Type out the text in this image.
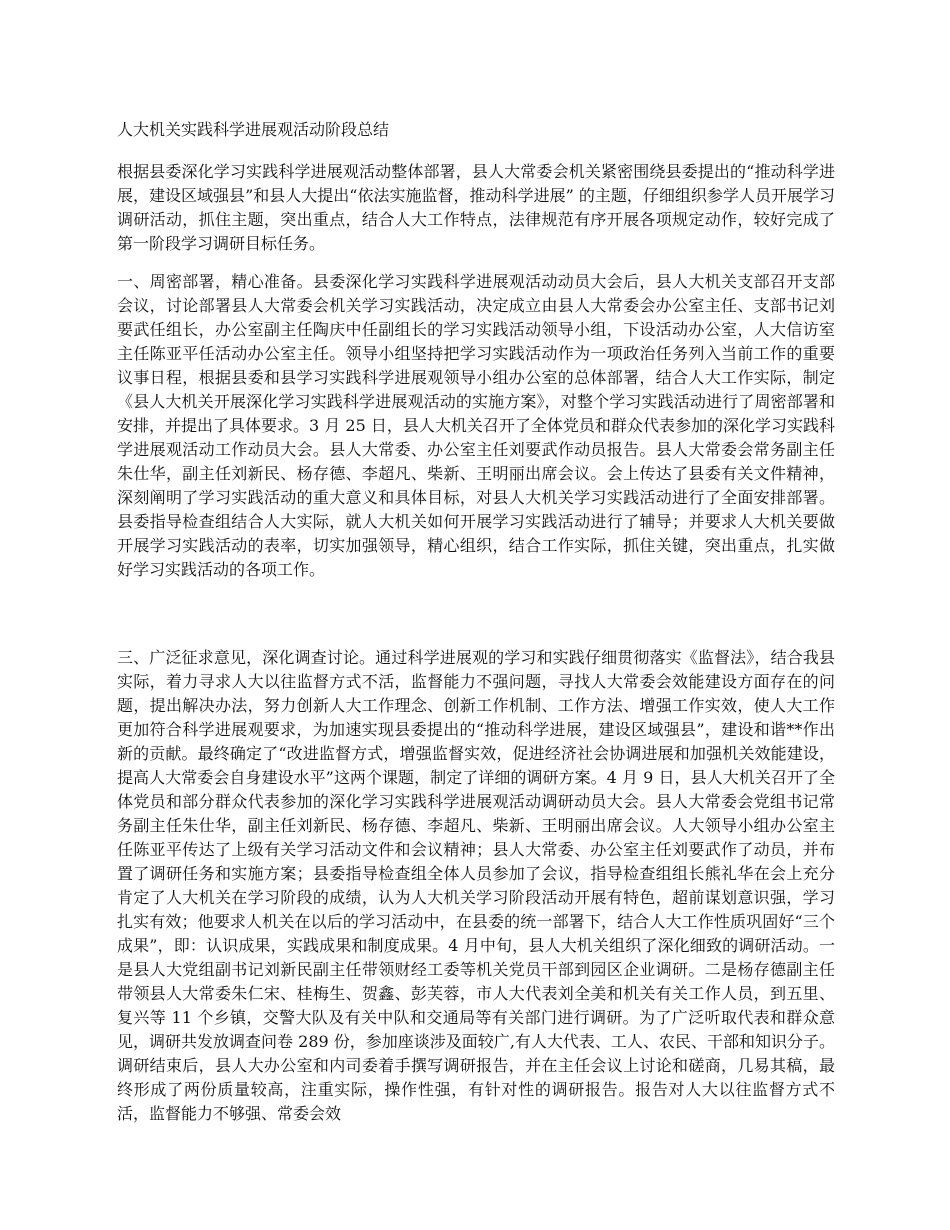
人大机关实践科学进展观活动阶段总结

根据县委深化学习实践科学进展观活动整体部署，县人大常委会机关紧密围绕县委提出的“推动科学进展，建设区域强县”和县人大提出“依法实施监督，推动科学进展” 的主题，仔细组织参学人员开展学习调研活动，抓住主题，突出重点，结合人大工作特点，法律规范有序开展各项规定动作，较好完成了第一阶段学习调研目标任务。

一、周密部署，精心准备。县委深化学习实践科学进展观活动动员大会后，县人大机关支部召开支部会议，讨论部署县人大常委会机关学习实践活动，决定成立由县人大常委会办公室主任、支部书记刘要武任组长，办公室副主任陶庆中任副组长的学习实践活动领导小组，下设活动办公室，人大信访室主任陈亚平任活动办公室主任。领导小组坚持把学习实践活动作为一项政治任务列入当前工作的重要议事日程，根据县委和县学习实践科学进展观领导小组办公室的总体部署，结合人大工作实际，制定《县人大机关开展深化学习实践科学进展观活动的实施方案》，对整个学习实践活动进行了周密部署和安排，并提出了具体要求。3 月 25 日，县人大机关召开了全体党员和群众代表参加的深化学习实践科学进展观活动工作动员大会。县人大常委、办公室主任刘要武作动员报告。县人大常委会常务副主任朱仕华，副主任刘新民、杨存德、李超凡、柴新、王明丽出席会议。会上传达了县委有关文件精神，深刻阐明了学习实践活动的重大意义和具体目标，对县人大机关学习实践活动进行了全面安排部署。县委指导检查组结合人大实际，就人大机关如何开展学习实践活动进行了辅导；并要求人大机关要做开展学习实践活动的表率，切实加强领导，精心组织，结合工作实际，抓住关键，突出重点，扎实做好学习实践活动的各项工作。

三、广泛征求意见，深化调查讨论。通过科学进展观的学习和实践仔细贯彻落实《监督法》，结合我县实际，着力寻求人大以往监督方式不活，监督能力不强问题，寻找人大常委会效能建设方面存在的问题，提出解决办法，努力创新人大工作理念、创新工作机制、工作方法、增强工作实效，使人大工作更加符合科学进展观要求，为加速实现县委提出的“推动科学进展，建设区域强县”，建设和谐**作出新的贡献。最终确定了“改进监督方式，增强监督实效，促进经济社会协调进展和加强机关效能建设，提高人大常委会自身建设水平”这两个课题，制定了详细的调研方案。4 月 9 日，县人大机关召开了全体党员和部分群众代表参加的深化学习实践科学进展观活动调研动员大会。县人大常委会党组书记常务副主任朱仕华，副主任刘新民、杨存德、李超凡、柴新、王明丽出席会议。人大领导小组办公室主任陈亚平传达了上级有关学习活动文件和会议精神；县人大常委、办公室主任刘要武作了动员，并布置了调研任务和实施方案；县委指导检查组全体人员参加了会议，指导检查组组长熊礼华在会上充分肯定了人大机关在学习阶段的成绩，认为人大机关学习阶段活动开展有特色，超前谋划意识强，学习扎实有效；他要求人机关在以后的学习活动中，在县委的统一部署下，结合人大工作性质巩固好“三个成果”，即：认识成果，实践成果和制度成果。4 月中旬，县人大机关组织了深化细致的调研活动。一是县人大党组副书记刘新民副主任带领财经工委等机关党员干部到园区企业调研。二是杨存德副主任带领县人大常委朱仁宋、桂梅生、贺鑫、彭芙蓉，市人大代表刘全美和机关有关工作人员，到五里、复兴等 11 个乡镇，交警大队及有关中队和交通局等有关部门进行调研。为了广泛听取代表和群众意见，调研共发放调查问卷 289 份，参加座谈涉及面较广,有人大代表、工人、农民、干部和知识分子。调研结束后，县人大办公室和内司委着手撰写调研报告，并在主任会议上讨论和磋商，几易其稿，最终形成了两份质量较高，注重实际，操作性强，有针对性的调研报告。报告对人大以往监督方式不活，监督能力不够强、常委会效
